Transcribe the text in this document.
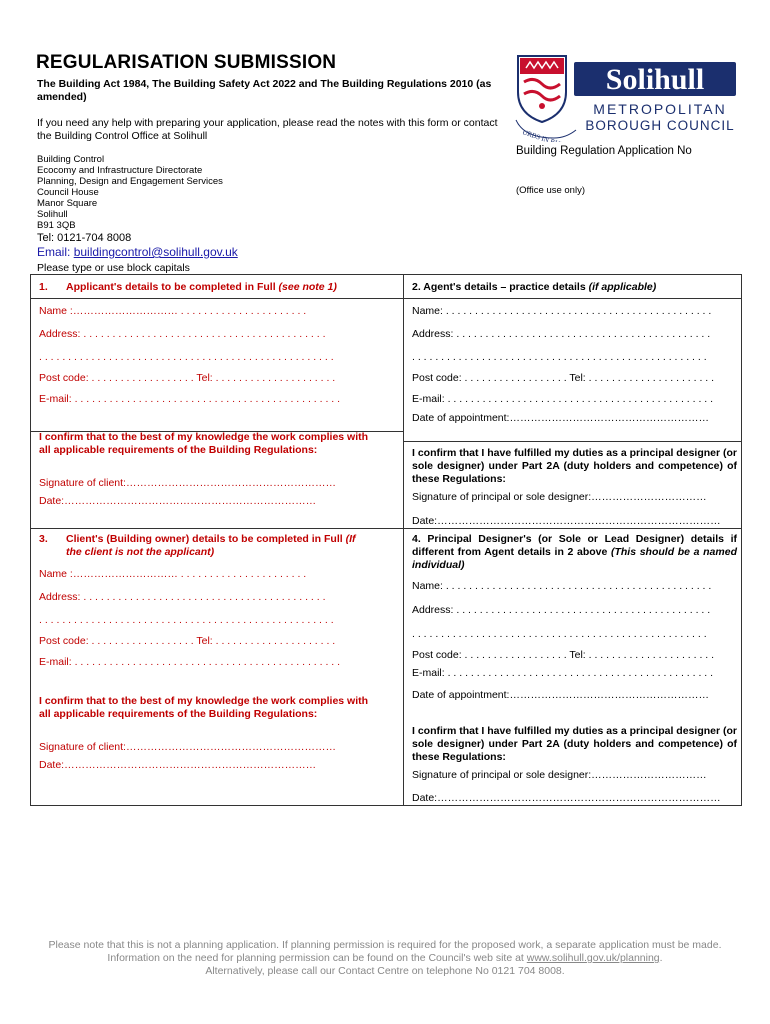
REGULARISATION SUBMISSION
The Building Act 1984, The Building Safety Act 2022 and The Building Regulations 2010 (as amended)
If you need any help with preparing your application, please read the notes with this form or contact the Building Control Office at Solihull
Building Control
Ecocomy and Infrastructure Directorate
Planning, Design and Engagement Services
Council House
Manor Square
Solihull
B91 3QB
Tel: 0121-704 8008
Email: buildingcontrol@solihull.gov.uk
Please type or use block capitals
URBS IN RURE
Solihull
METROPOLITAN
BOROUGH COUNCIL
Building Regulation Application No
(Office use only)
1. Applicant's details to be completed in Full (see note 1)
Name :………………………… . . . . . . . . . . . . . . . . . . . . . .
Address: . . . . . . . . . . . . . . . . . . . . . . . . . . . . . . . . . . . . . . . . . .
. . . . . . . . . . . . . . . . . . . . . . . . . . . . . . . . . . . . . . . . . . . . . . . . . . .
Post code: . . . . . . . . . . . . . . . . . . Tel: . . . . . . . . . . . . . . . . . . . . .
E-mail: . . . . . . . . . . . . . . . . . . . . . . . . . . . . . . . . . . . . . . . . . . . . . .
I confirm that to the best of my knowledge the work complies with all applicable requirements of the Building Regulations:
Signature of client:……………………………………………………
Date:………………………………………………………………
2. Agent's details – practice details (if applicable)
Name: . . . . . . . . . . . . . . . . . . . . . . . . . . . . . . . . . . . . . . . . . . . . . .
Address: . . . . . . . . . . . . . . . . . . . . . . . . . . . . . . . . . . . . . . . . . . . .
. . . . . . . . . . . . . . . . . . . . . . . . . . . . . . . . . . . . . . . . . . . . . . . . . . .
Post code: . . . . . . . . . . . . . . . . . . Tel: . . . . . . . . . . . . . . . . . . . . . .
E-mail: . . . . . . . . . . . . . . . . . . . . . . . . . . . . . . . . . . . . . . . . . . . . . .
Date of appointment:…………………………………………………
I confirm that I have fulfilled my duties as a principal designer (or sole designer) under Part 2A (duty holders and competence) of these Regulations:
Signature of principal or sole designer:……………………………
Date:………………………………………………………………………
3. Client's (Building owner) details to be completed in Full (If the client is not the applicant)
Name :………………………… . . . . . . . . . . . . . . . . . . . . . .
Address: . . . . . . . . . . . . . . . . . . . . . . . . . . . . . . . . . . . . . . . . . .
. . . . . . . . . . . . . . . . . . . . . . . . . . . . . . . . . . . . . . . . . . . . . . . . . . .
Post code: . . . . . . . . . . . . . . . . . . Tel: . . . . . . . . . . . . . . . . . . . . .
E-mail: . . . . . . . . . . . . . . . . . . . . . . . . . . . . . . . . . . . . . . . . . . . . . .
I confirm that to the best of my knowledge the work complies with all applicable requirements of the Building Regulations:
Signature of client:……………………………………………………
Date:………………………………………………………………
4. Principal Designer's (or Sole or Lead Designer) details if different from Agent details in 2 above (This should be a named individual)
Name: . . . . . . . . . . . . . . . . . . . . . . . . . . . . . . . . . . . . . . . . . . . . . .
Address: . . . . . . . . . . . . . . . . . . . . . . . . . . . . . . . . . . . . . . . . . . . .
. . . . . . . . . . . . . . . . . . . . . . . . . . . . . . . . . . . . . . . . . . . . . . . . . . .
Post code: . . . . . . . . . . . . . . . . . . Tel: . . . . . . . . . . . . . . . . . . . . . .
E-mail: . . . . . . . . . . . . . . . . . . . . . . . . . . . . . . . . . . . . . . . . . . . . . .
Date of appointment:…………………………………………………
I confirm that I have fulfilled my duties as a principal designer (or sole designer) under Part 2A (duty holders and competence) of these Regulations:
Signature of principal or sole designer:……………………………
Date:………………………………………………………………………
Please note that this is not a planning application. If planning permission is required for the proposed work, a separate application must be made. Information on the need for planning permission can be found on the Council's web site at www.solihull.gov.uk/planning.
Alternatively, please call our Contact Centre on telephone No 0121 704 8008.
